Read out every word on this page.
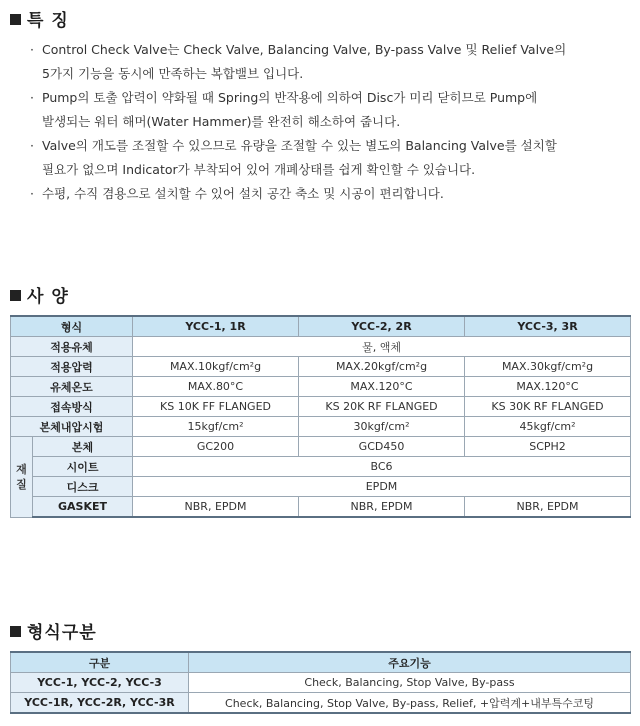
특 징
· Control Check Valve는 Check Valve, Balancing Valve, By-pass Valve 및 Relief Valve의
5가지 기능을 동시에 만족하는 복합밸브 입니다.
· Pump의 토출 압력이 약화될 때 Spring의 반작용에 의하여 Disc가 미리 닫히므로 Pump에
발생되는 워터 해머(Water Hammer)를 완전히 해소하여 줍니다.
· Valve의 개도를 조절할 수 있으므로 유량을 조절할 수 있는 별도의 Balancing Valve를 설치할
필요가 없으며 Indicator가 부착되어 있어 개폐상태를 쉽게 확인할 수 있습니다.
· 수평, 수직 겸용으로 설치할 수 있어 설치 공간 축소 및 시공이 편리합니다.
사 양
형식		YCC-1, 1R	YCC-2, 2R	YCC-3, 3R
적용유체		물, 액체		
적용압력		MAX.10kgf/cm²g	MAX.20kgf/cm²g	MAX.30kgf/cm²g
유체온도		MAX.80°C	MAX.120°C	MAX.120°C
접속방식		KS 10K FF FLANGED	KS 20K RF FLANGED	KS 30K RF FLANGED
본체내압시험		15kgf/cm²	30kgf/cm²	45kgf/cm²
재 질	본체	GC200	GCD450	SCPH2
	시이트	BC6		
	디스크	EPDM		
	GASKET	NBR, EPDM	NBR, EPDM	NBR, EPDM
형식구분
구분	주요기능
YCC-1, YCC-2, YCC-3	Check, Balancing, Stop Valve, By-pass
YCC-1R, YCC-2R, YCC-3R	Check, Balancing, Stop Valve, By-pass, Relief, +압력계+내부특수코팅
